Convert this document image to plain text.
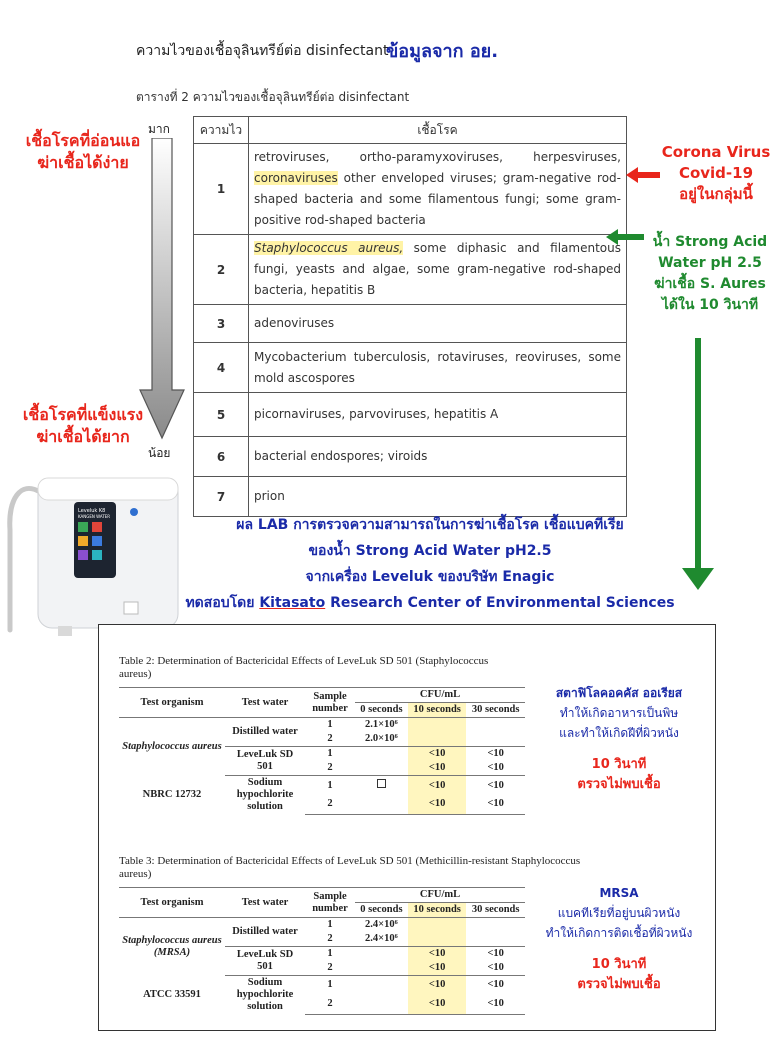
ความไวของเชื้อจุลินทรีย์ต่อ disinfectant
ข้อมูลจาก อย.
ตารางที่ 2 ความไวของเชื้อจุลินทรีย์ต่อ disinfectant
มาก
น้อย
ความไว	เชื้อโรค
1	retroviruses, ortho-paramyxoviruses, herpesviruses, coronaviruses other enveloped viruses; gram-negative rod-shaped bacteria and some filamentous fungi; some gram-positive rod-shaped bacteria
2	Staphylococcus aureus, some diphasic and filamentous fungi, yeasts and algae, some gram-negative rod-shaped bacteria, hepatitis B
3	adenoviruses
4	Mycobacterium tuberculosis, rotaviruses, reoviruses, some mold ascospores
5	picornaviruses, parvoviruses, hepatitis A
6	bacterial endospores; viroids
7	prion
เชื้อโรคที่อ่อนแอ
ฆ่าเชื้อได้ง่าย
เชื้อโรคที่แข็งแรง
ฆ่าเชื้อได้ยาก
Corona Virus
Covid-19
อยู่ในกลุ่มนี้
น้ำ Strong Acid
Water pH 2.5
ฆ่าเชื้อ S. Aures
ได้ใน 10 วินาที
Leveluk K8
KANGEN WATER
ผล LAB การตรวจความสามารถในการฆ่าเชื้อโรค เชื้อแบคทีเรีย
ของน้ำ Strong Acid Water pH2.5
จากเครื่อง Leveluk ของบริษัท Enagic
ทดสอบโดย Kitasato Research Center of Environmental Sciences
Table 2: Determination of Bactericidal Effects of LeveLuk SD 501 (Staphylococcus aureus)
Test organism	Test water	Sample number	CFU/mL		
			0 seconds	10 seconds	30 seconds
Staphylococcus aureus	Distilled water	1	2.1×10⁶		
		2	2.0×10⁶		
	LeveLuk SD 501	1		<10	<10
		2		<10	<10
NBRC 12732	Sodium hypochlorite solution	1		<10	<10
		2		<10	<10
Table 3: Determination of Bactericidal Effects of LeveLuk SD 501 (Methicillin-resistant Staphylococcus aureus)
Test organism	Test water	Sample number	CFU/mL		
			0 seconds	10 seconds	30 seconds
Staphylococcus aureus (MRSA)	Distilled water	1	2.4×10⁶		
		2	2.4×10⁶		
	LeveLuk SD 501	1		<10	<10
		2		<10	<10
ATCC 33591	Sodium hypochlorite solution	1		<10	<10
		2		<10	<10
สตาฟิโลคอคคัส ออเรียส
ทำให้เกิดอาหารเป็นพิษ
และทำให้เกิดฝีที่ผิวหนัง
10 วินาที
ตรวจไม่พบเชื้อ
MRSA
แบคทีเรียที่อยู่บนผิวหนัง
ทำให้เกิดการติดเชื้อที่ผิวหนัง
10 วินาที
ตรวจไม่พบเชื้อ
